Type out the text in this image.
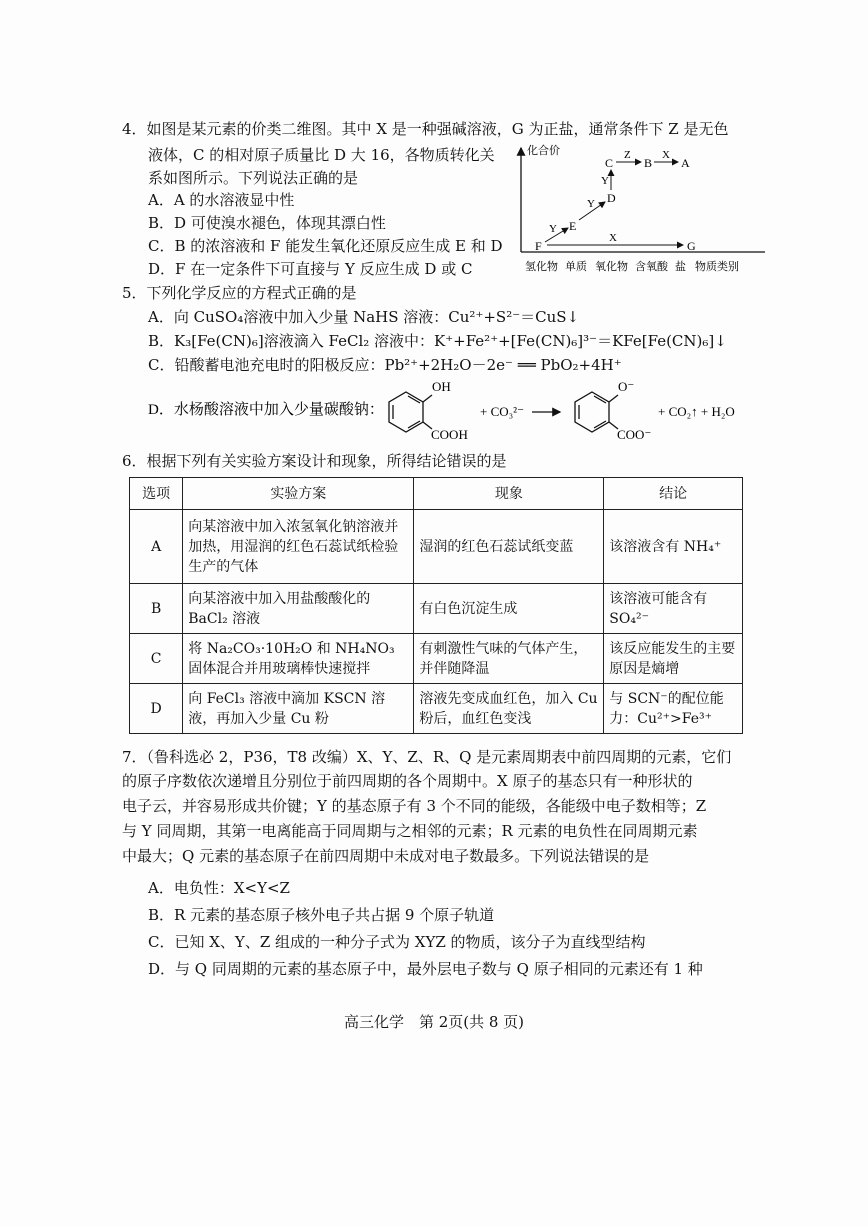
4．如图是某元素的价类二维图。其中 X 是一种强碱溶液，G 为正盐，通常条件下 Z 是无色
液体，C 的相对原子质量比 D 大 16，各物质转化关
系如图所示。下列说法正确的是
A．A 的水溶液显中性
B．D 可使溴水褪色，体现其漂白性
C．B 的浓溶液和 F 能发生氧化还原反应生成 E 和 D
D．F 在一定条件下可直接与 Y 反应生成 D 或 C
化合价
氢化物 单质 氧化物 含氧酸 盐 物质类别
F
E
D
C	B A
G
Y
Y
Y
Z	X
X
5．下列化学反应的方程式正确的是
A．向 CuSO₄溶液中加入少量 NaHS 溶液：Cu²⁺+S²⁻＝CuS↓
B．K₃[Fe(CN)₆]溶液滴入 FeCl₂ 溶液中：K⁺+Fe²⁺+[Fe(CN)₆]³⁻＝KFe[Fe(CN)₆]↓
C．铅酸蓄电池充电时的阳极反应：Pb²⁺+2H₂O－2e⁻ ══ PbO₂+4H⁺
D．水杨酸溶液中加入少量碳酸钠：
OH
COOH
+ CO₃²⁻
O⁻
COO⁻
+ CO₂↑ + H₂O
6．根据下列有关实验方案设计和现象，所得结论错误的是
选项	实验方案	现象	结论
A	向某溶液中加入浓氢氧化钠溶液并加热，用湿润的红色石蕊试纸检验生产的气体	湿润的红色石蕊试纸变蓝	该溶液含有 NH₄⁺
B	向某溶液中加入用盐酸酸化的 BaCl₂ 溶液	有白色沉淀生成	该溶液可能含有 SO₄²⁻
C	将 Na₂CO₃·10H₂O 和 NH₄NO₃ 固体混合并用玻璃棒快速搅拌	有刺激性气味的气体产生，并伴随降温	该反应能发生的主要原因是熵增
D	向 FeCl₃ 溶液中滴加 KSCN 溶液，再加入少量 Cu 粉	溶液先变成血红色，加入 Cu 粉后，血红色变浅	与 SCN⁻的配位能力：Cu²⁺>Fe³⁺
7．（鲁科选必 2，P36，T8 改编）X、Y、Z、R、Q 是元素周期表中前四周期的元素，它们
的原子序数依次递增且分别位于前四周期的各个周期中。X 原子的基态只有一种形状的
电子云，并容易形成共价键；Y 的基态原子有 3 个不同的能级，各能级中电子数相等；Z
与 Y 同周期，其第一电离能高于同周期与之相邻的元素；R 元素的电负性在同周期元素
中最大；Q 元素的基态原子在前四周期中未成对电子数最多。下列说法错误的是
A．电负性：X<Y<Z
B．R 元素的基态原子核外电子共占据 9 个原子轨道
C．已知 X、Y、Z 组成的一种分子式为 XYZ 的物质，该分子为直线型结构
D．与 Q 同周期的元素的基态原子中，最外层电子数与 Q 原子相同的元素还有 1 种
高三化学　第 2页(共 8 页)
